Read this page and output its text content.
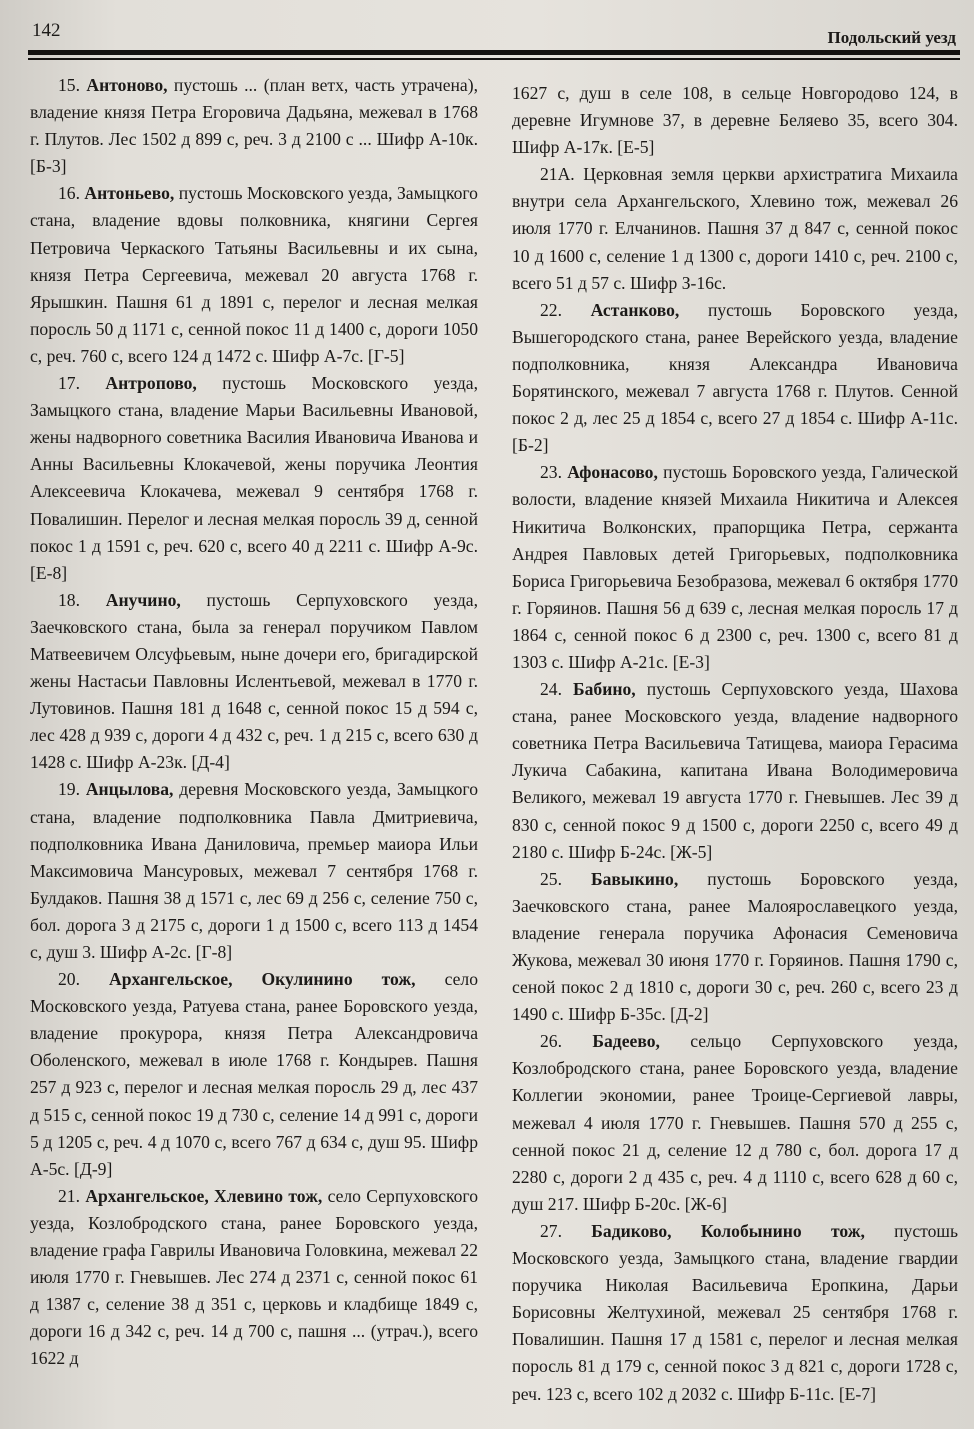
142	Подольский уезд

15. Антоново, пустошь ... (план ветх, часть утрачена), владение князя Петра Егоровича Дадьяна, межевал в 1768 г. Плутов. Лес 1502 д 899 с, реч. 3 д 2100 с ... Шифр А-10к. [Б-3]

16. Антоньево, пустошь Московского уезда, Замыцкого стана, владение вдовы полковника, княгини Сергея Петровича Черкаского Татьяны Васильевны и их сына, князя Петра Сергеевича, межевал 20 августа 1768 г. Ярышкин. Пашня 61 д 1891 с, перелог и лесная мелкая поросль 50 д 1171 с, сенной покос 11 д 1400 с, дороги 1050 с, реч. 760 с, всего 124 д 1472 с. Шифр А-7с. [Г-5]

17. Антропово, пустошь Московского уезда, Замыцкого стана, владение Марьи Васильевны Ивановой, жены надворного советника Василия Ивановича Иванова и Анны Васильевны Клокачевой, жены поручика Леонтия Алексеевича Клокачева, межевал 9 сентября 1768 г. Повалишин. Перелог и лесная мелкая поросль 39 д, сенной покос 1 д 1591 с, реч. 620 с, всего 40 д 2211 с. Шифр А-9с. [Е-8]

18. Анучино, пустошь Серпуховского уезда, Заечковского стана, была за генерал поручиком Павлом Матвеевичем Олсуфьевым, ныне дочери его, бригадирской жены Настасьи Павловны Ислентьевой, межевал в 1770 г. Лутовинов. Пашня 181 д 1648 с, сенной покос 15 д 594 с, лес 428 д 939 с, дороги 4 д 432 с, реч. 1 д 215 с, всего 630 д 1428 с. Шифр А-23к. [Д-4]

19. Анцылова, деревня Московского уезда, Замыцкого стана, владение подполковника Павла Дмитриевича, подполковника Ивана Даниловича, премьер маиора Ильи Максимовича Мансуровых, межевал 7 сентября 1768 г. Булдаков. Пашня 38 д 1571 с, лес 69 д 256 с, селение 750 с, бол. дорога 3 д 2175 с, дороги 1 д 1500 с, всего 113 д 1454 с, душ 3. Шифр А-2с. [Г-8]

20. Архангельское, Окулинино тож, село Московского уезда, Ратуева стана, ранее Боровского уезда, владение прокурора, князя Петра Александровича Оболенского, межевал в июле 1768 г. Кондырев. Пашня 257 д 923 с, перелог и лесная мелкая поросль 29 д, лес 437 д 515 с, сенной покос 19 д 730 с, селение 14 д 991 с, дороги 5 д 1205 с, реч. 4 д 1070 с, всего 767 д 634 с, душ 95. Шифр А-5с. [Д-9]

21. Архангельское, Хлевино тож, село Серпуховского уезда, Козлобродского стана, ранее Боровского уезда, владение графа Гаврилы Ивановича Головкина, межевал 22 июля 1770 г. Гневышев. Лес 274 д 2371 с, сенной покос 61 д 1387 с, селение 38 д 351 с, церковь и кладбище 1849 с, дороги 16 д 342 с, реч. 14 д 700 с, пашня ... (утрач.), всего 1622 д

1627 с, душ в селе 108, в сельце Новгородово 124, в деревне Игумнове 37, в деревне Беляево 35, всего 304. Шифр А-17к. [Е-5]

21А. Церковная земля церкви архистратига Михаила внутри села Архангельского, Хлевино тож, межевал 26 июля 1770 г. Елчанинов. Пашня 37 д 847 с, сенной покос 10 д 1600 с, селение 1 д 1300 с, дороги 1410 с, реч. 2100 с, всего 51 д 57 с. Шифр З-16с.

22. Астанково, пустошь Боровского уезда, Вышегородского стана, ранее Верейского уезда, владение подполковника, князя Александра Ивановича Борятинского, межевал 7 августа 1768 г. Плутов. Сенной покос 2 д, лес 25 д 1854 с, всего 27 д 1854 с. Шифр А-11с. [Б-2]

23. Афонасово, пустошь Боровского уезда, Галической волости, владение князей Михаила Никитича и Алексея Никитича Волконских, прапорщика Петра, сержанта Андрея Павловых детей Григорьевых, подполковника Бориса Григорьевича Безобразова, межевал 6 октября 1770 г. Горяинов. Пашня 56 д 639 с, лесная мелкая поросль 17 д 1864 с, сенной покос 6 д 2300 с, реч. 1300 с, всего 81 д 1303 с. Шифр А-21с. [Е-3]

24. Бабино, пустошь Серпуховского уезда, Шахова стана, ранее Московского уезда, владение надворного советника Петра Васильевича Татищева, маиора Герасима Лукича Сабакина, капитана Ивана Володимеровича Великого, межевал 19 августа 1770 г. Гневышев. Лес 39 д 830 с, сенной покос 9 д 1500 с, дороги 2250 с, всего 49 д 2180 с. Шифр Б-24с. [Ж-5]

25. Бавыкино, пустошь Боровского уезда, Заечковского стана, ранее Малоярославецкого уезда, владение генерала поручика Афонасия Семеновича Жукова, межевал 30 июня 1770 г. Горяинов. Пашня 1790 с, сеной покос 2 д 1810 с, дороги 30 с, реч. 260 с, всего 23 д 1490 с. Шифр Б-35с. [Д-2]

26. Бадеево, сельцо Серпуховского уезда, Козлобродского стана, ранее Боровского уезда, владение Коллегии экономии, ранее Троице-Сергиевой лавры, межевал 4 июля 1770 г. Гневышев. Пашня 570 д 255 с, сенной покос 21 д, селение 12 д 780 с, бол. дорога 17 д 2280 с, дороги 2 д 435 с, реч. 4 д 1110 с, всего 628 д 60 с, душ 217. Шифр Б-20с. [Ж-6]

27. Бадиково, Колобынино тож, пустошь Московского уезда, Замыцкого стана, владение гвардии поручика Николая Васильевича Еропкина, Дарьи Борисовны Желтухиной, межевал 25 сентября 1768 г. Повалишин. Пашня 17 д 1581 с, перелог и лесная мелкая поросль 81 д 179 с, сенной покос 3 д 821 с, дороги 1728 с, реч. 123 с, всего 102 д 2032 с. Шифр Б-11с. [Е-7]
